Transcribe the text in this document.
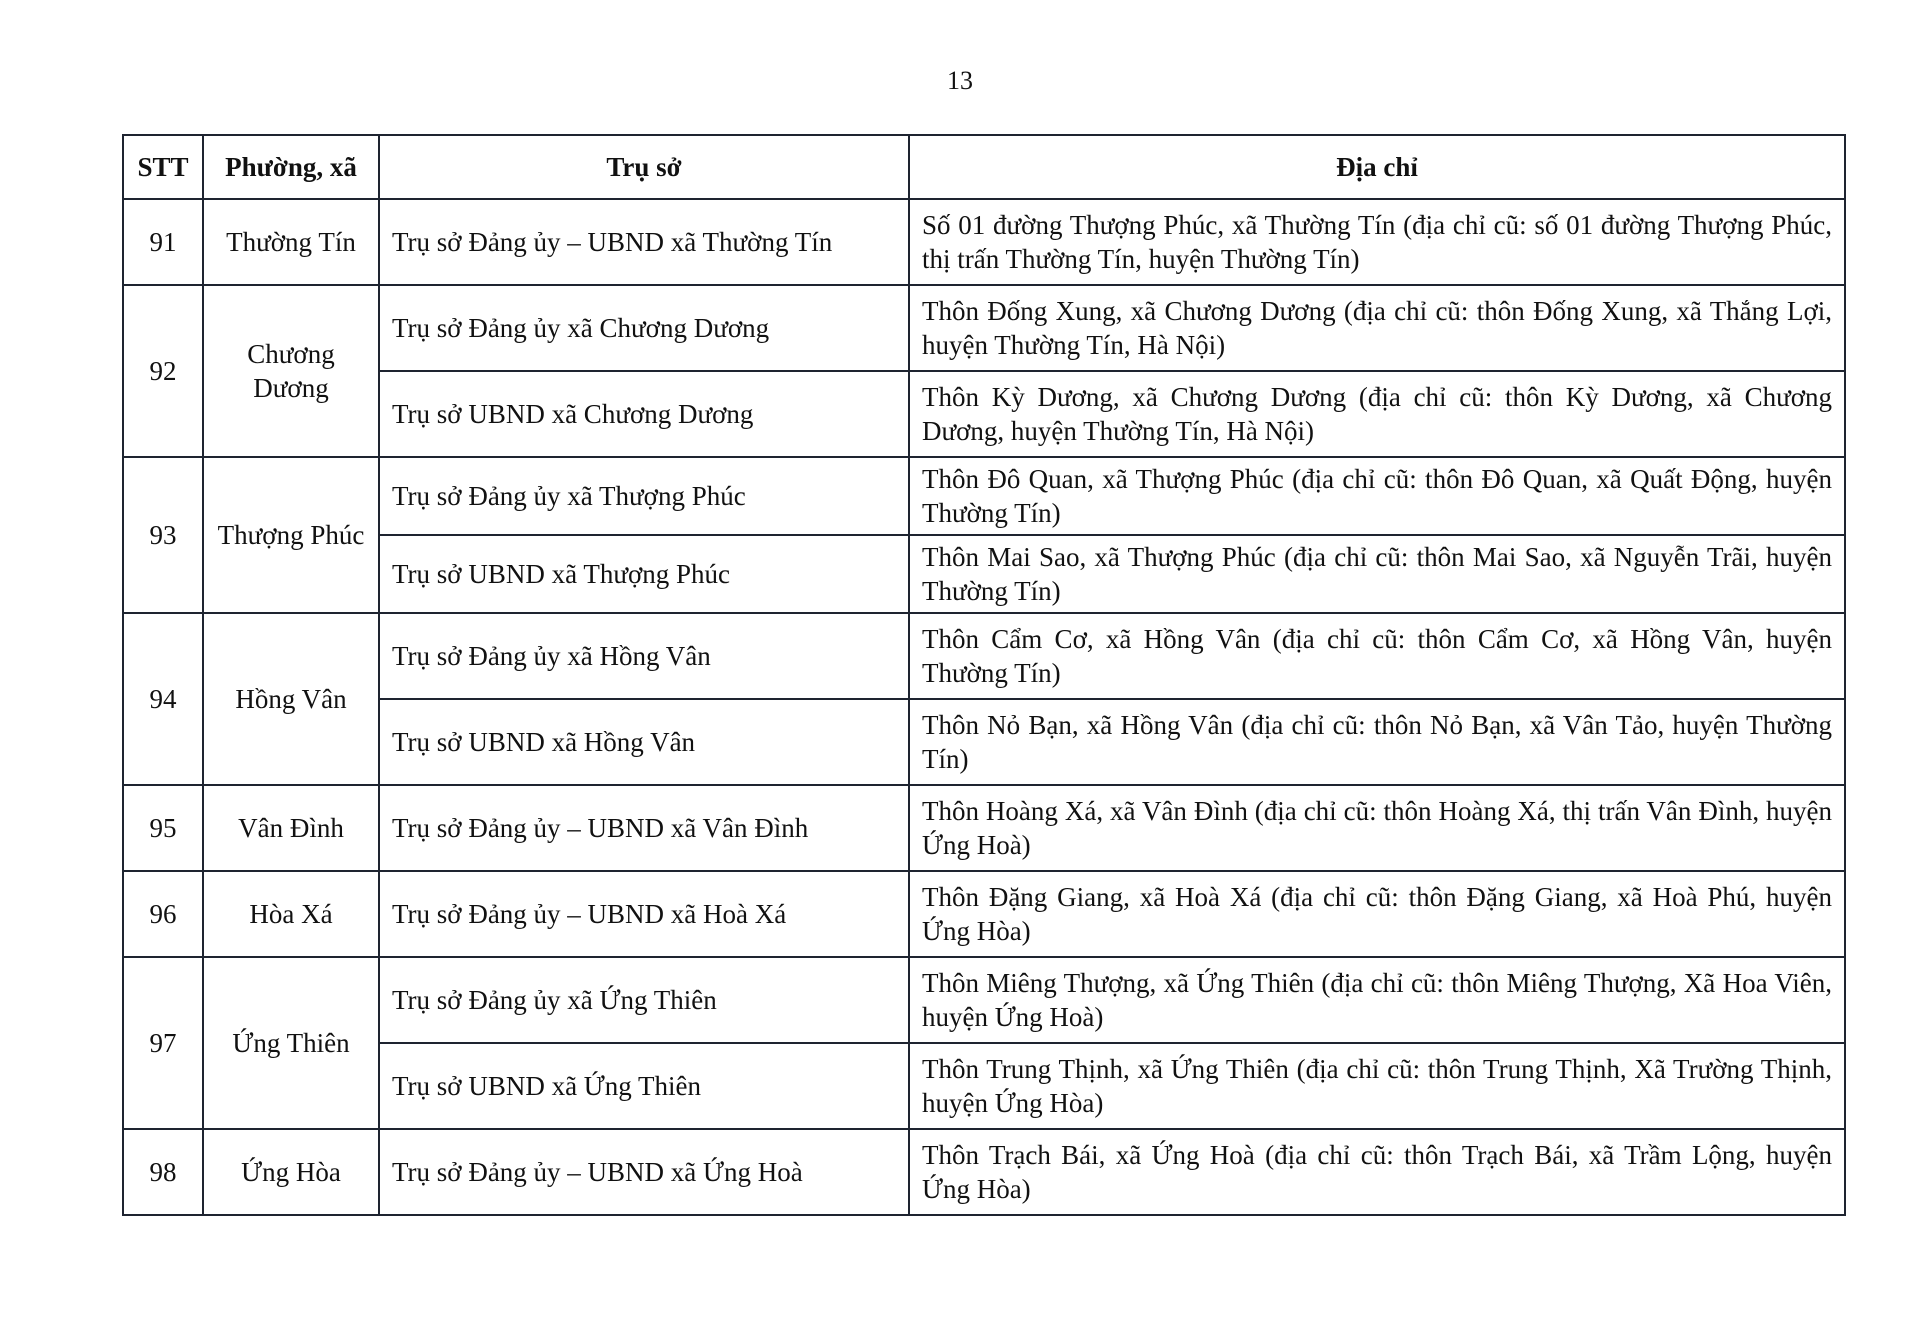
13
STT	Phường, xã	Trụ sở	Địa chỉ
91	Thường Tín	Trụ sở Đảng ủy – UBND xã Thường Tín	Số 01 đường Thượng Phúc, xã Thường Tín (địa chỉ cũ: số 01 đường Thượng Phúc, thị trấn Thường Tín, huyện Thường Tín)
92	Chương Dương	Trụ sở Đảng ủy xã Chương Dương	Thôn Đống Xung, xã Chương Dương (địa chỉ cũ: thôn Đống Xung, xã Thắng Lợi, huyện Thường Tín, Hà Nội)
		Trụ sở UBND xã Chương Dương	Thôn Kỳ Dương, xã Chương Dương (địa chỉ cũ: thôn Kỳ Dương, xã Chương Dương, huyện Thường Tín, Hà Nội)
93	Thượng Phúc	Trụ sở Đảng ủy xã Thượng Phúc	Thôn Đô Quan, xã Thượng Phúc (địa chỉ cũ: thôn Đô Quan, xã Quất Động, huyện Thường Tín)
		Trụ sở UBND xã Thượng Phúc	Thôn Mai Sao, xã Thượng Phúc (địa chỉ cũ: thôn Mai Sao, xã Nguyễn Trãi, huyện Thường Tín)
94	Hồng Vân	Trụ sở Đảng ủy xã Hồng Vân	Thôn Cẩm Cơ, xã Hồng Vân (địa chỉ cũ: thôn Cẩm Cơ, xã Hồng Vân, huyện Thường Tín)
		Trụ sở UBND xã Hồng Vân	Thôn Nỏ Bạn, xã Hồng Vân (địa chỉ cũ: thôn Nỏ Bạn, xã Vân Tảo, huyện Thường Tín)
95	Vân Đình	Trụ sở Đảng ủy – UBND xã Vân Đình	Thôn Hoàng Xá, xã Vân Đình (địa chỉ cũ: thôn Hoàng Xá, thị trấn Vân Đình, huyện Ứng Hoà)
96	Hòa Xá	Trụ sở Đảng ủy – UBND xã Hoà Xá	Thôn Đặng Giang, xã Hoà Xá (địa chỉ cũ: thôn Đặng Giang, xã Hoà Phú, huyện Ứng Hòa)
97	Ứng Thiên	Trụ sở Đảng ủy xã Ứng Thiên	Thôn Miêng Thượng, xã Ứng Thiên (địa chỉ cũ: thôn Miêng Thượng, Xã Hoa Viên, huyện Ứng Hoà)
		Trụ sở UBND xã Ứng Thiên	Thôn Trung Thịnh, xã Ứng Thiên (địa chỉ cũ: thôn Trung Thịnh, Xã Trường Thịnh, huyện Ứng Hòa)
98	Ứng Hòa	Trụ sở Đảng ủy – UBND xã Ứng Hoà	Thôn Trạch Bái, xã Ứng Hoà (địa chỉ cũ: thôn Trạch Bái, xã Trầm Lộng, huyện Ứng Hòa)
